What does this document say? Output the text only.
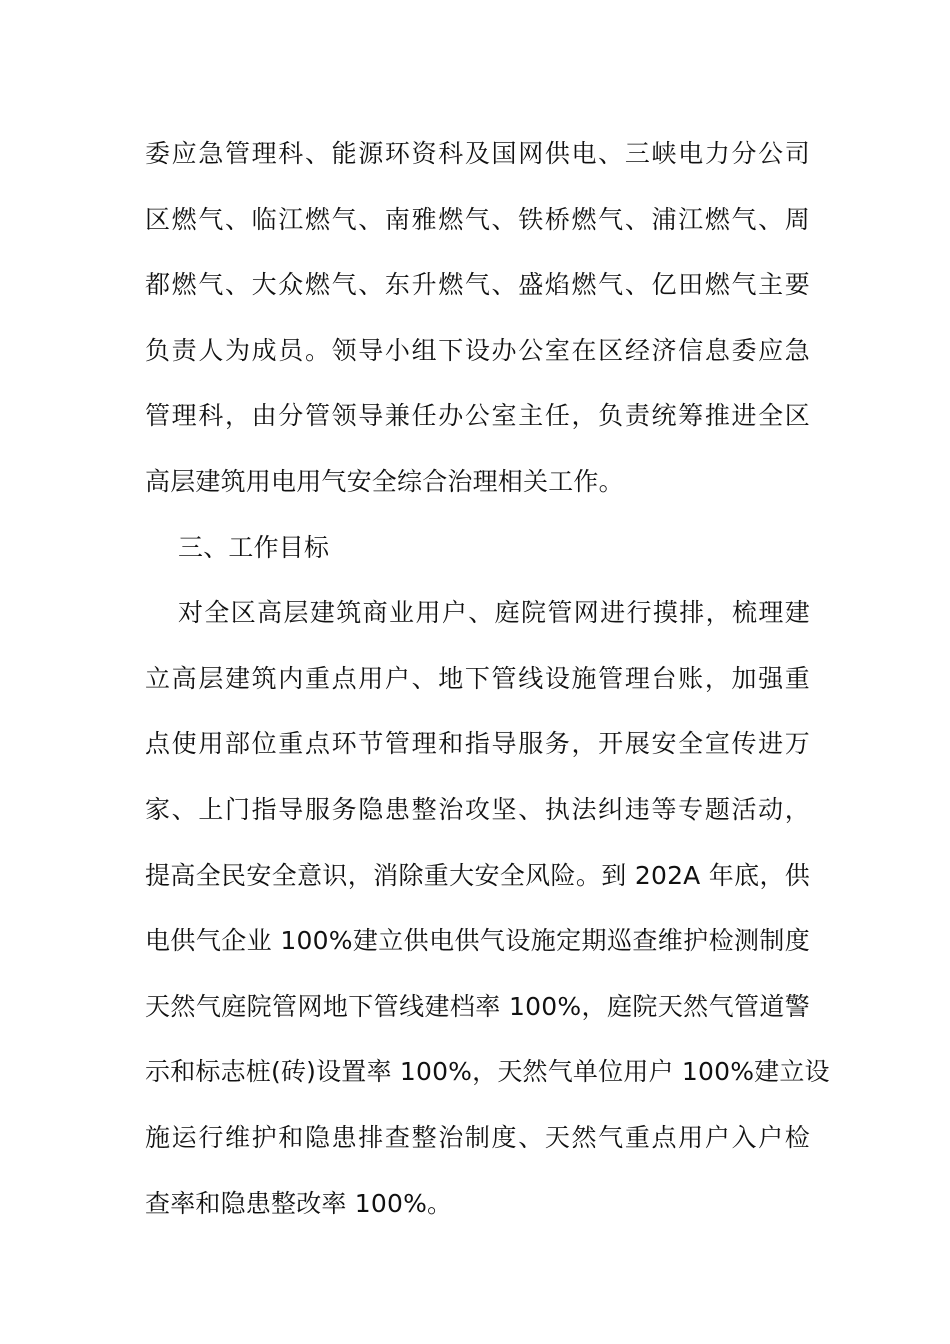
委应急管理科、能源环资科及国网供电、三峡电力分公司
区燃气、临江燃气、南雅燃气、铁桥燃气、浦江燃气、周
都燃气、大众燃气、东升燃气、盛焰燃气、亿田燃气主要
负责人为成员。领导小组下设办公室在区经济信息委应急
管理科，由分管领导兼任办公室主任，负责统筹推进全区
高层建筑用电用气安全综合治理相关工作。
三、工作目标
对全区高层建筑商业用户、庭院管网进行摸排，梳理建
立高层建筑内重点用户、地下管线设施管理台账，加强重
点使用部位重点环节管理和指导服务，开展安全宣传进万
家、上门指导服务隐患整治攻坚、执法纠违等专题活动，
提高全民安全意识，消除重大安全风险。到 202A 年底，供
电供气企业 100%建立供电供气设施定期巡查维护检测制度
天然气庭院管网地下管线建档率 100%，庭院天然气管道警
示和标志桩(砖)设置率 100%，天然气单位用户 100%建立设
施运行维护和隐患排查整治制度、天然气重点用户入户检
查率和隐患整改率 100%。
